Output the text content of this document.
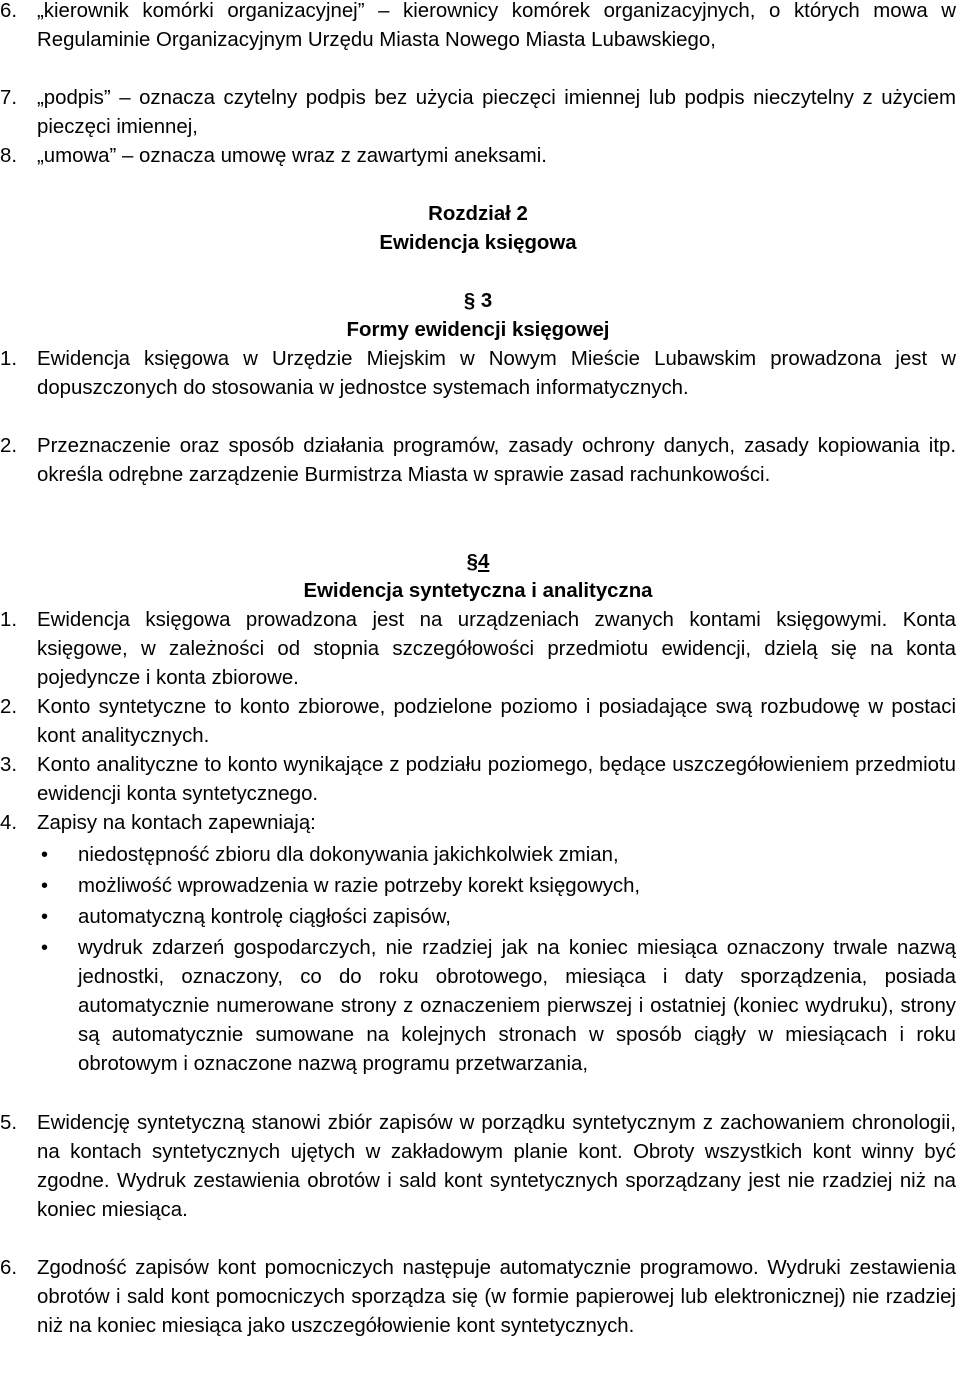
6. „kierownik komórki organizacyjnej” – kierownicy komórek organizacyjnych, o których mowa w Regulaminie Organizacyjnym Urzędu Miasta Nowego Miasta Lubawskiego,
7. „podpis” – oznacza czytelny podpis bez użycia pieczęci imiennej lub podpis nieczytelny z użyciem pieczęci imiennej,
8. „umowa” – oznacza umowę wraz z zawartymi aneksami.
Rozdział 2
Ewidencja księgowa
§ 3
Formy ewidencji księgowej
1. Ewidencja księgowa w Urzędzie Miejskim w Nowym Mieście Lubawskim prowadzona jest w dopuszczonych do stosowania w jednostce systemach informatycznych.
2. Przeznaczenie oraz sposób działania programów, zasady ochrony danych, zasady kopiowania itp. określa odrębne zarządzenie Burmistrza Miasta w sprawie zasad rachunkowości.
§4
Ewidencja syntetyczna i analityczna
1. Ewidencja księgowa prowadzona jest na urządzeniach zwanych kontami księgowymi. Konta księgowe, w zależności od stopnia szczegółowości przedmiotu ewidencji, dzielą się na konta pojedyncze i konta zbiorowe.
2. Konto syntetyczne to konto zbiorowe, podzielone poziomo i posiadające swą rozbudowę w postaci kont analitycznych.
3. Konto analityczne to konto wynikające z podziału poziomego, będące uszczegółowieniem przedmiotu ewidencji konta syntetycznego.
4. Zapisy na kontach zapewniają:
• niedostępność zbioru dla dokonywania jakichkolwiek zmian,
• możliwość wprowadzenia w razie potrzeby korekt księgowych,
• automatyczną kontrolę ciągłości zapisów,
• wydruk zdarzeń gospodarczych, nie rzadziej jak na koniec miesiąca oznaczony trwale nazwą jednostki, oznaczony, co do roku obrotowego, miesiąca i daty sporządzenia, posiada automatycznie numerowane strony z oznaczeniem pierwszej i ostatniej (koniec wydruku), strony są automatycznie sumowane na kolejnych stronach w sposób ciągły w miesiącach i roku obrotowym i oznaczone nazwą programu przetwarzania,
5. Ewidencję syntetyczną stanowi zbiór zapisów w porządku syntetycznym z zachowaniem chronologii, na kontach syntetycznych ujętych w zakładowym planie kont. Obroty wszystkich kont winny być zgodne. Wydruk zestawienia obrotów i sald kont syntetycznych sporządzany jest nie rzadziej niż na koniec miesiąca.
6. Zgodność zapisów kont pomocniczych następuje automatycznie programowo. Wydruki zestawienia obrotów i sald kont pomocniczych sporządza się (w formie papierowej lub elektronicznej) nie rzadziej niż na koniec miesiąca jako uszczegółowienie kont syntetycznych.
